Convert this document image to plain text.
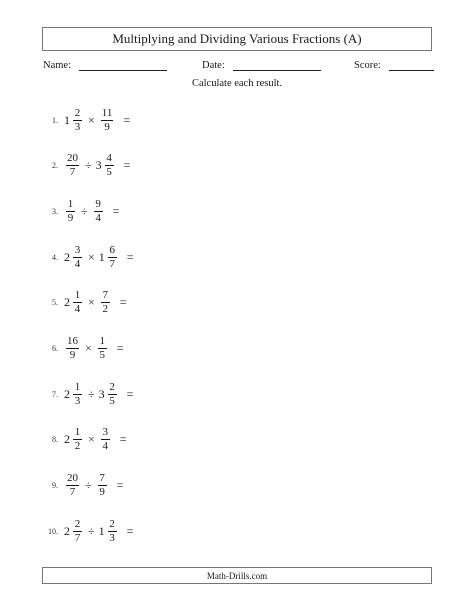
Multiplying and Dividing Various Fractions (A)
Name:	Date:	Score:
Calculate each result.
1. $1 \frac{2}{3} \times \frac{11}{9}$ =
2. $\frac{20}{7} \div 3 \frac{4}{5}$ =
3. $\frac{1}{9} \div \frac{9}{4}$ =
4. $2 \frac{3}{4} \times 1 \frac{6}{7}$ =
5. $2 \frac{1}{4} \times \frac{7}{2}$ =
6. $\frac{16}{9} \times \frac{1}{5}$ =
7. $2 \frac{1}{3} \div 3 \frac{2}{5}$ =
8. $2 \frac{1}{2} \times \frac{3}{4}$ =
9. $\frac{20}{7} \div \frac{7}{9}$ =
10. $2 \frac{2}{7} \div 1 \frac{2}{3}$ =
Math-Drills.com
